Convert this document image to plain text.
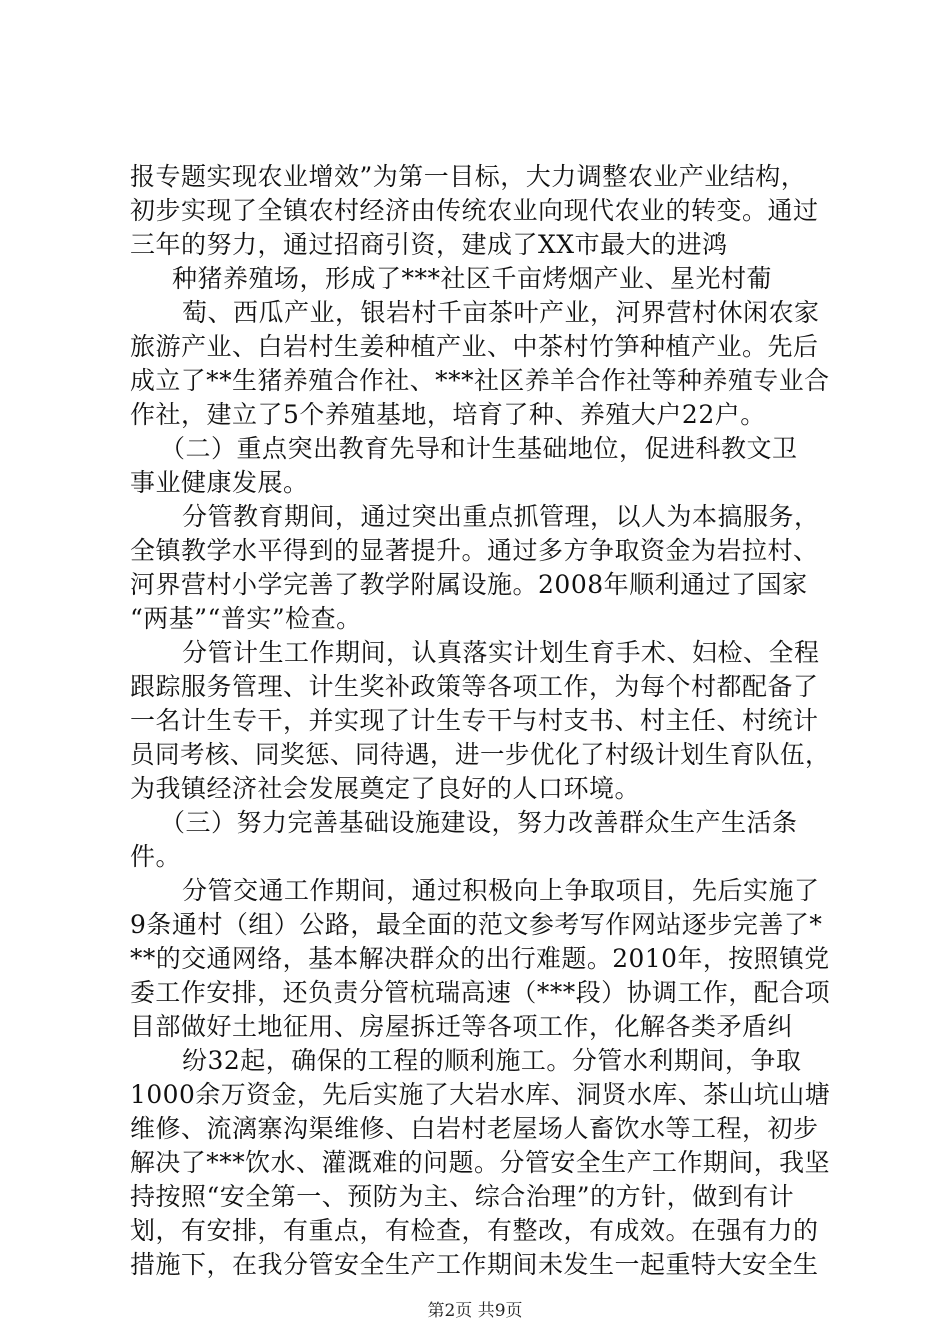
报专题实现农业增效”为第一目标，大力调整农业产业结构，
初步实现了全镇农村经济由传统农业向现代农业的转变。通过
三年的努力，通过招商引资，建成了XX市最大的进鸿
种猪养殖场，形成了***社区千亩烤烟产业、星光村葡
萄、西瓜产业，银岩村千亩茶叶产业，河界营村休闲农家
旅游产业、白岩村生姜种植产业、中茶村竹笋种植产业。先后
成立了**生猪养殖合作社、***社区养羊合作社等种养殖专业合
作社，建立了5个养殖基地，培育了种、养殖大户22户。
（二）重点突出教育先导和计生基础地位，促进科教文卫
事业健康发展。
分管教育期间，通过突出重点抓管理，以人为本搞服务，
全镇教学水平得到的显著提升。通过多方争取资金为岩拉村、
河界营村小学完善了教学附属设施。2008年顺利通过了国家
“两基”“普实”检查。
分管计生工作期间，认真落实计划生育手术、妇检、全程
跟踪服务管理、计生奖补政策等各项工作，为每个村都配备了
一名计生专干，并实现了计生专干与村支书、村主任、村统计
员同考核、同奖惩、同待遇，进一步优化了村级计划生育队伍，
为我镇经济社会发展奠定了良好的人口环境。
（三）努力完善基础设施建设，努力改善群众生产生活条
件。
分管交通工作期间，通过积极向上争取项目，先后实施了
9条通村（组）公路，最全面的范文参考写作网站逐步完善了*
**的交通网络，基本解决群众的出行难题。2010年，按照镇党
委工作安排，还负责分管杭瑞高速（***段）协调工作，配合项
目部做好土地征用、房屋拆迁等各项工作，化解各类矛盾纠
纷32起，确保的工程的顺利施工。分管水利期间，争取
1000余万资金，先后实施了大岩水库、洞贤水库、茶山坑山塘
维修、流漓寨沟渠维修、白岩村老屋场人畜饮水等工程，初步
解决了***饮水、灌溉难的问题。分管安全生产工作期间，我坚
持按照“安全第一、预防为主、综合治理”的方针，做到有计
划，有安排，有重点，有检查，有整改，有成效。在强有力的
措施下，在我分管安全生产工作期间未发生一起重特大安全生
第2页 共9页
